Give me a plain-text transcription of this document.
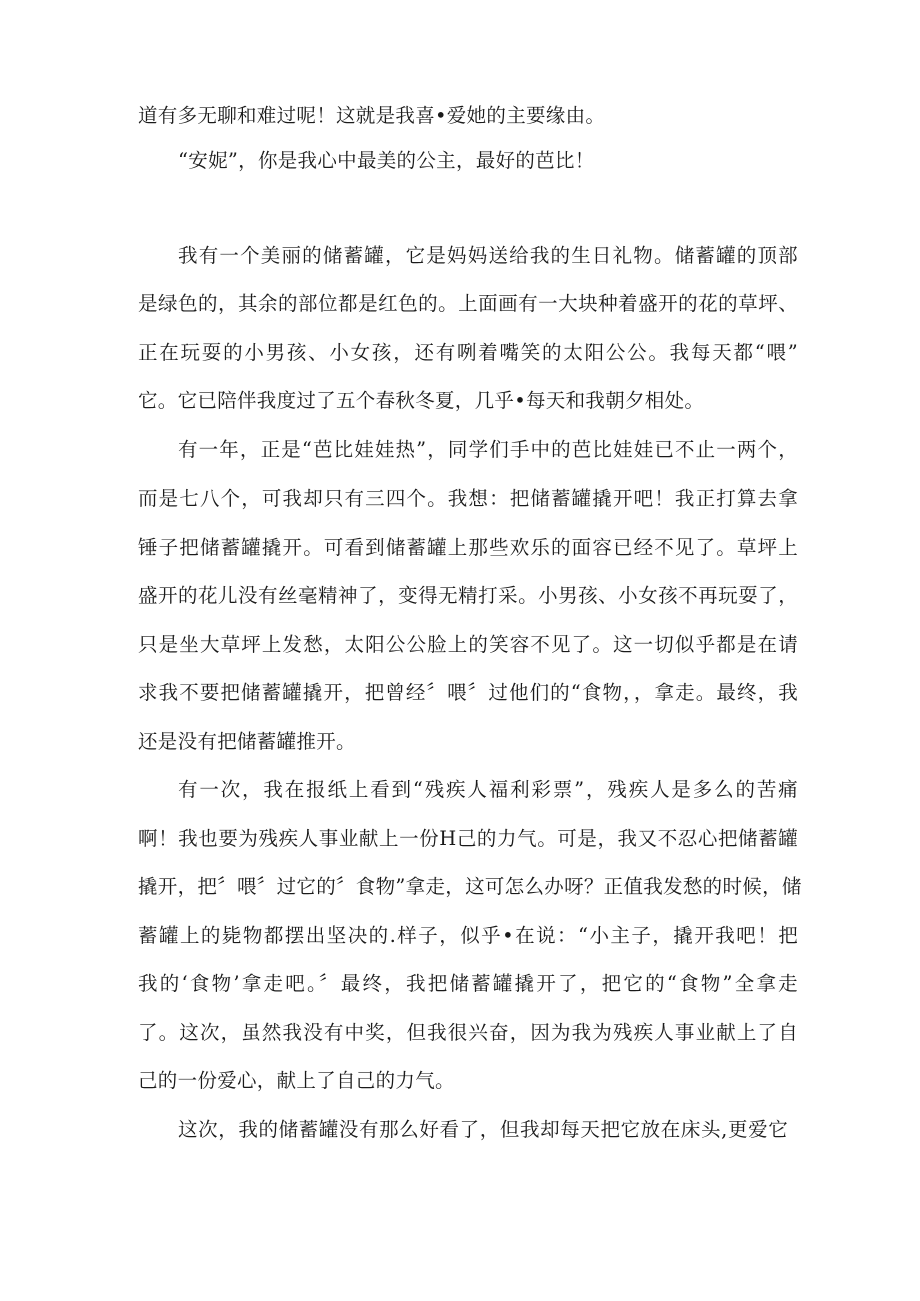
道有多无聊和难过呢！这就是我喜•爱她的主要缘由。
“安妮”，你是我心中最美的公主，最好的芭比！
我有一个美丽的储蓄罐，它是妈妈送给我的生日礼物。储蓄罐的顶部
是绿色的，其余的部位都是红色的。上面画有一大块种着盛开的花的草坪、
正在玩耍的小男孩、小女孩，还有咧着嘴笑的太阳公公。我每天都“喂”
它。它已陪伴我度过了五个春秋冬夏，几乎•每天和我朝夕相处。
有一年，正是“芭比娃娃热”，同学们手中的芭比娃娃已不止一两个，
而是七八个，可我却只有三四个。我想：把储蓄罐撬开吧！我正打算去拿
锤子把储蓄罐撬开。可看到储蓄罐上那些欢乐的面容已经不见了。草坪上
盛开的花儿没有丝毫精神了，变得无精打采。小男孩、小女孩不再玩耍了，
只是坐大草坪上发愁，太阳公公脸上的笑容不见了。这一切似乎都是在请
求我不要把储蓄罐撬开，把曾经〞喂〞过他们的“食物，，拿走。最终，我
还是没有把储蓄罐推开。
有一次，我在报纸上看到“残疾人福利彩票”，残疾人是多么的苦痛
啊！我也要为残疾人事业献上一份H己的力气。可是，我又不忍心把储蓄罐
撬开，把〞喂〞过它的〞食物”拿走，这可怎么办呀？正值我发愁的时候，储
蓄罐上的毙物都摆出坚决的.样子，似乎•在说：“小主子，撬开我吧！把
我的‘食物’拿走吧。〞最终，我把储蓄罐撬开了，把它的“食物”全拿走
了。这次，虽然我没有中奖，但我很兴奋，因为我为残疾人事业献上了自
己的一份爱心，献上了自己的力气。
这次，我的储蓄罐没有那么好看了，但我却每天把它放在床头,更爱它
